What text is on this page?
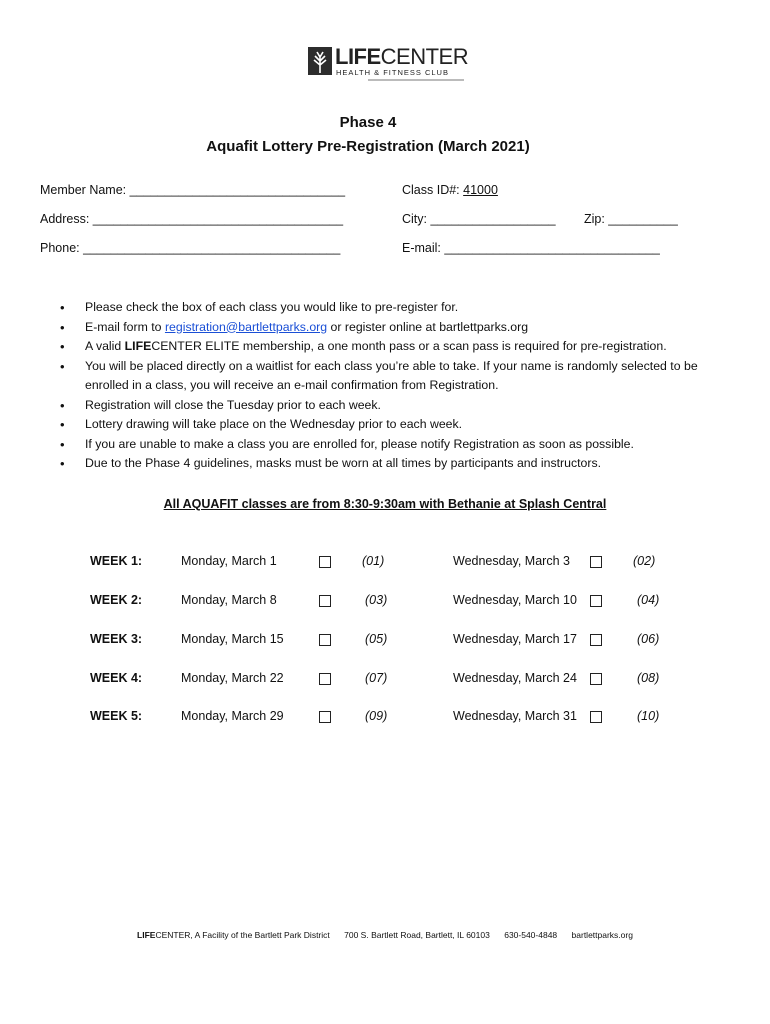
LIFECENTER
HEALTH & FITNESS CLUB
Phase 4
Aquafit Lottery Pre-Registration (March 2021)
Member Name: _______________________________	Class ID#: 41000
Address: ____________________________________	City: __________________ Zip: __________
Phone: _____________________________________	E-mail: _______________________________
• Please check the box of each class you would like to pre-register for.
• E-mail form to registration@bartlettparks.org or register online at bartlettparks.org
• A valid LIFECENTER ELITE membership, a one month pass or a scan pass is required for pre-registration.
• You will be placed directly on a waitlist for each class you’re able to take. If your name is randomly selected to be enrolled in a class, you will receive an e-mail confirmation from Registration.
• Registration will close the Tuesday prior to each week.
• Lottery drawing will take place on the Wednesday prior to each week.
• If you are unable to make a class you are enrolled for, please notify Registration as soon as possible.
• Due to the Phase 4 guidelines, masks must be worn at all times by participants and instructors.
All AQUAFIT classes are from 8:30-9:30am with Bethanie at Splash Central
WEEK 1:	Monday, March 1	(01)	Wednesday, March 3	(02)
WEEK 2:	Monday, March 8	(03)	Wednesday, March 10	(04)
WEEK 3:	Monday, March 15	(05)	Wednesday, March 17	(06)
WEEK 4:	Monday, March 22	(07)	Wednesday, March 24	(08)
WEEK 5:	Monday, March 29	(09)	Wednesday, March 31	(10)
LIFECENTER, A Facility of the Bartlett Park District 700 S. Bartlett Road, Bartlett, IL 60103 630-540-4848 bartlettparks.org
